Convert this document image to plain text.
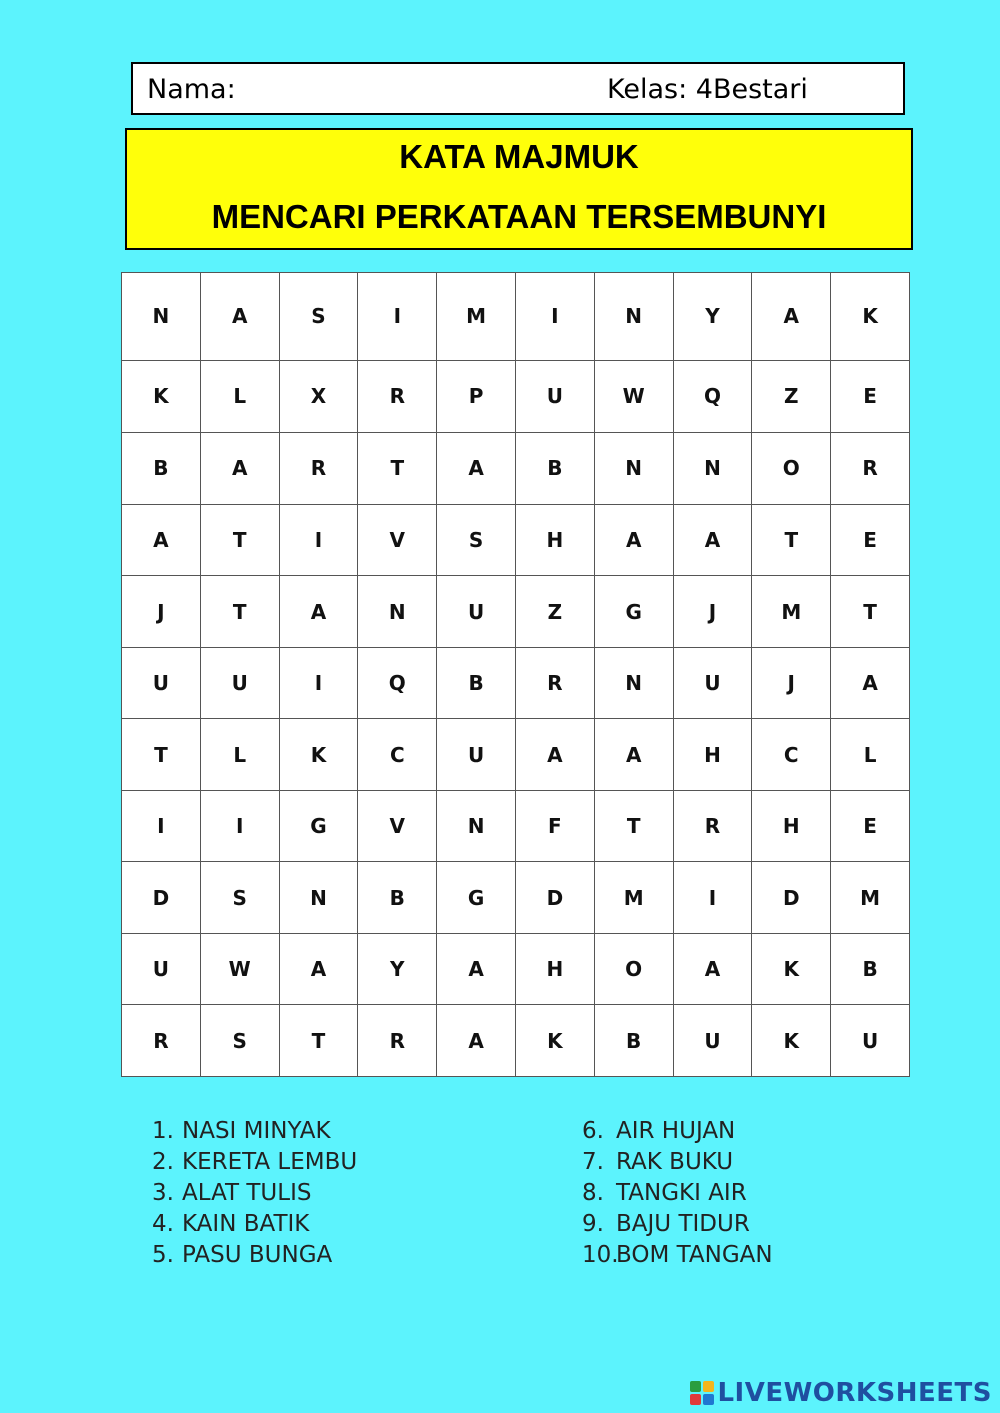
Nama:	Kelas: 4Bestari
KATA MAJMUK
MENCARI PERKATAAN TERSEMBUNYI
N	A	S	I	M	I	N	Y	A	K
K	L	X	R	P	U	W	Q	Z	E
B	A	R	T	A	B	N	N	O	R
A	T	I	V	S	H	A	A	T	E
J	T	A	N	U	Z	G	J	M	T
U	U	I	Q	B	R	N	U	J	A
T	L	K	C	U	A	A	H	C	L
I	I	G	V	N	F	T	R	H	E
D	S	N	B	G	D	M	I	D	M
U	W	A	Y	A	H	O	A	K	B
R	S	T	R	A	K	B	U	K	U
1. NASI MINYAK
2. KERETA LEMBU
3. ALAT TULIS
4. KAIN BATIK
5. PASU BUNGA
6. AIR HUJAN
7. RAK BUKU
8. TANGKI AIR
9. BAJU TIDUR
10.BOM TANGAN
LIVEWORKSHEETS
